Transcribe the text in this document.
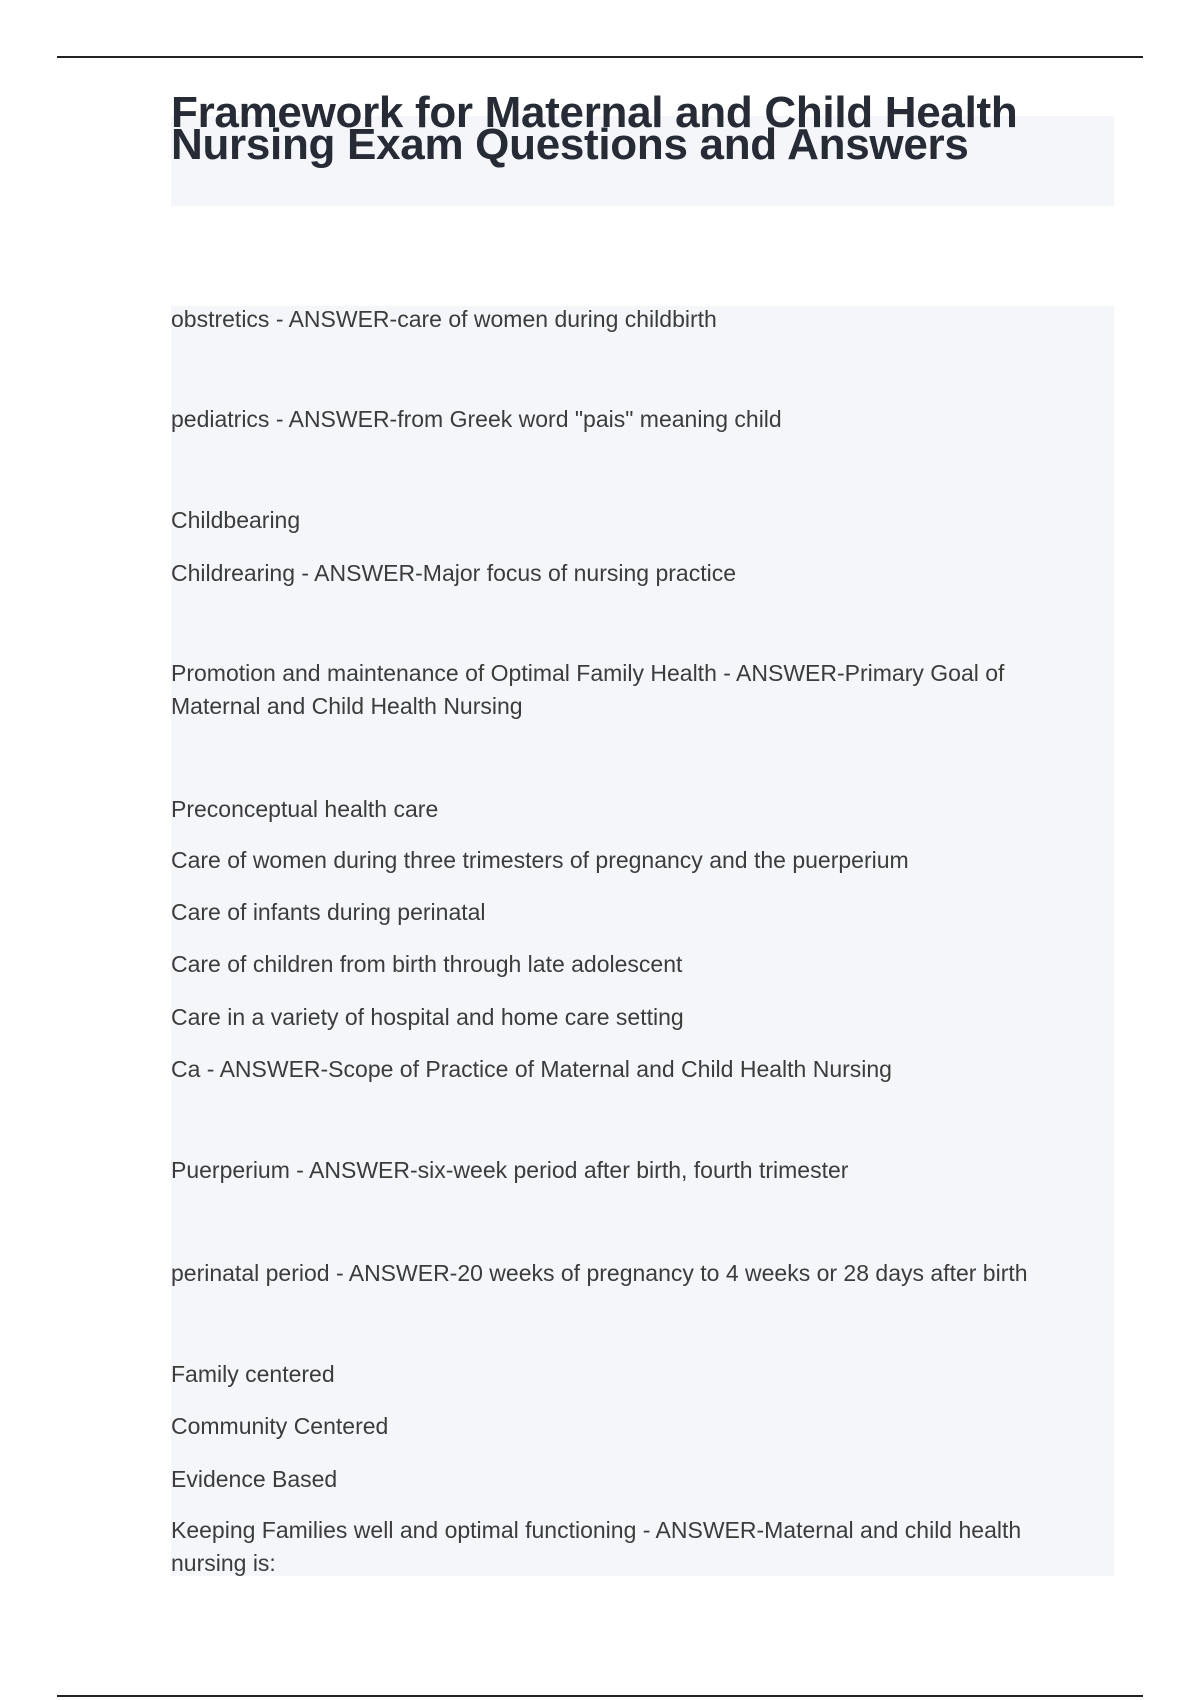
Framework for Maternal and Child Health Nursing Exam Questions and Answers

obstretics - ANSWER-care of women during childbirth

pediatrics - ANSWER-from Greek word "pais" meaning child

Childbearing

Childrearing - ANSWER-Major focus of nursing practice

Promotion and maintenance of Optimal Family Health - ANSWER-Primary Goal of Maternal and Child Health Nursing

Preconceptual health care

Care of women during three trimesters of pregnancy and the puerperium

Care of infants during perinatal

Care of children from birth through late adolescent

Care in a variety of hospital and home care setting

Ca - ANSWER-Scope of Practice of Maternal and Child Health Nursing

Puerperium - ANSWER-six-week period after birth, fourth trimester

perinatal period - ANSWER-20 weeks of pregnancy to 4 weeks or 28 days after birth

Family centered

Community Centered

Evidence Based

Keeping Families well and optimal functioning - ANSWER-Maternal and child health nursing is:
